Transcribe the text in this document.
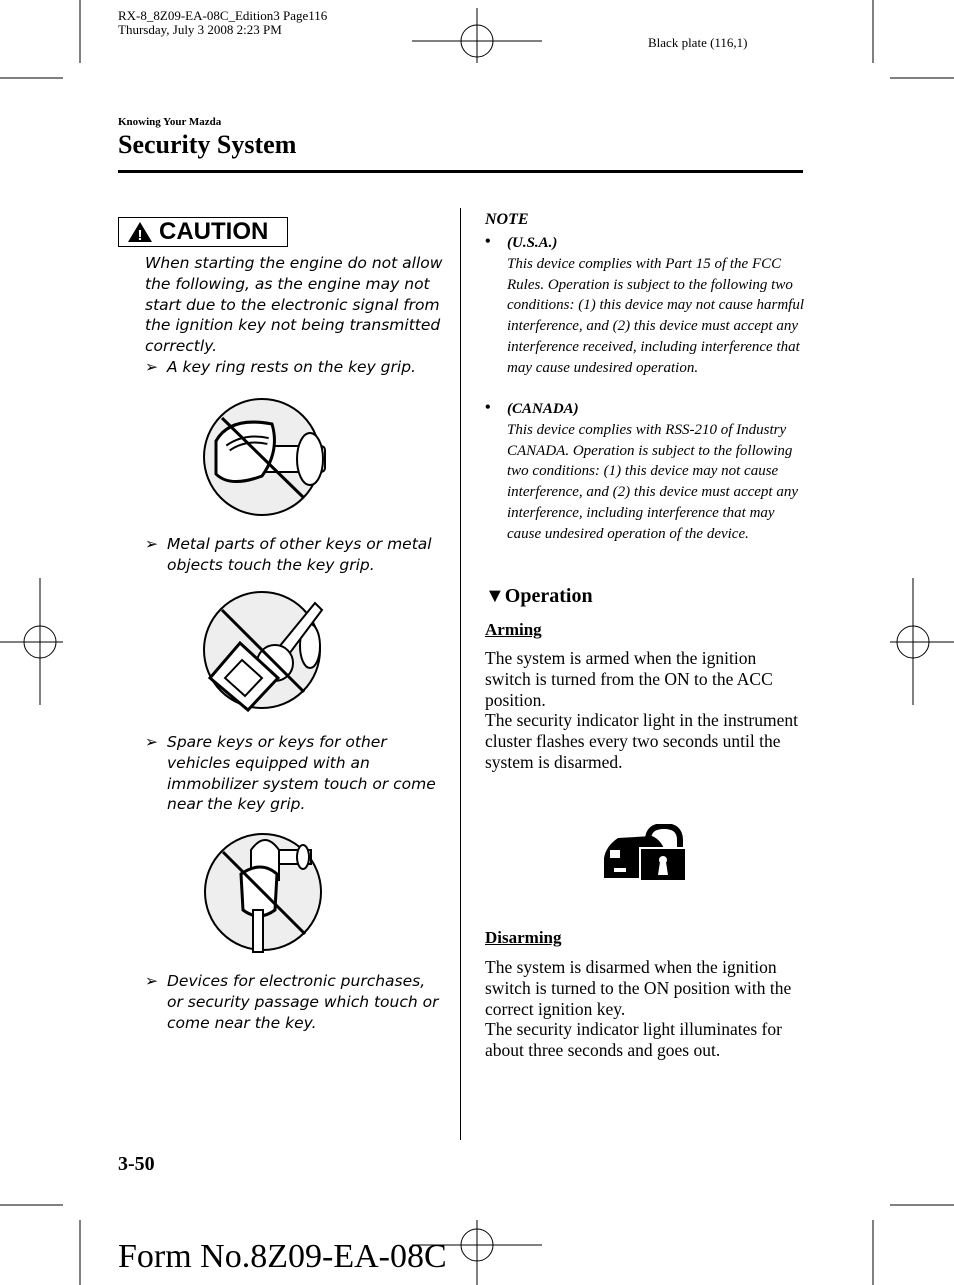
RX-8_8Z09-EA-08C_Edition3 Page116
Thursday, July 3 2008 2:23 PM
Black plate (116,1)
Knowing Your Mazda
Security System
! CAUTION
When starting the engine do not allow the following, as the engine may not start due to the electronic signal from the ignition key not being transmitted correctly.
➢ A key ring rests on the key grip.
➢ Metal parts of other keys or metal objects touch the key grip.
➢ Spare keys or keys for other vehicles equipped with an immobilizer system touch or come near the key grip.
➢ Devices for electronic purchases, or security passage which touch or come near the key.
NOTE
•	(U.S.A.)
This device complies with Part 15 of the FCC Rules. Operation is subject to the following two conditions: (1) this device may not cause harmful interference, and (2) this device must accept any interference received, including interference that may cause undesired operation.
•	(CANADA)
This device complies with RSS-210 of Industry CANADA. Operation is subject to the following two conditions: (1) this device may not cause interference, and (2) this device must accept any interference, including interference that may cause undesired operation of the device.
▼Operation
Arming
The system is armed when the ignition switch is turned from the ON to the ACC position.
The security indicator light in the instrument cluster flashes every two seconds until the system is disarmed.
Disarming
The system is disarmed when the ignition switch is turned to the ON position with the correct ignition key.
The security indicator light illuminates for about three seconds and goes out.
3-50
Form No.8Z09-EA-08C
